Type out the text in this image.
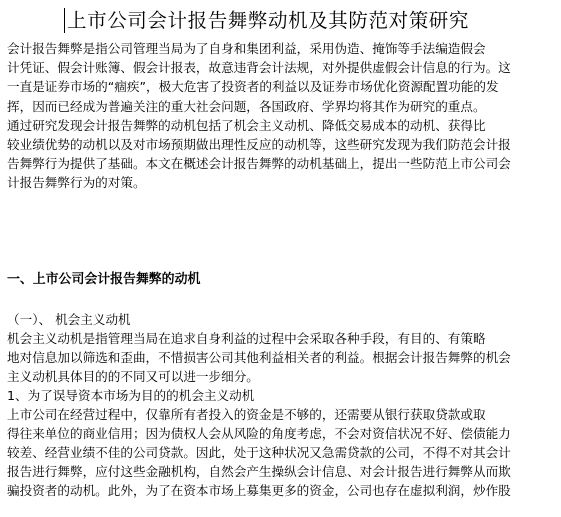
上市公司会计报告舞弊动机及其防范对策研究
会计报告舞弊是指公司管理当局为了自身和集团利益，采用伪造、掩饰等手法编造假会
计凭证、假会计账簿、假会计报表，故意违背会计法规，对外提供虚假会计信息的行为。这
一直是证券市场的“痼疾”，极大危害了投资者的利益以及证券市场优化资源配置功能的发
挥，因而已经成为普遍关注的重大社会问题，各国政府、学界均将其作为研究的重点。
通过研究发现会计报告舞弊的动机包括了机会主义动机、降低交易成本的动机、获得比
较业绩优势的动机以及对市场预期做出理性反应的动机等，这些研究发现为我们防范会计报
告舞弊行为提供了基础。本文在概述会计报告舞弊的动机基础上，提出一些防范上市公司会
计报告舞弊行为的对策。
一、上市公司会计报告舞弊的动机
（一）、 机会主义动机
机会主义动机是指管理当局在追求自身利益的过程中会采取各种手段，有目的、有策略
地对信息加以筛选和歪曲，不惜损害公司其他利益相关者的利益。根据会计报告舞弊的机会
主义动机具体目的的不同又可以进一步细分。
1、为了误导资本市场为目的的机会主义动机
上市公司在经营过程中，仅靠所有者投入的资金是不够的，还需要从银行获取贷款或取
得往来单位的商业信用；因为债权人会从风险的角度考虑，不会对资信状况不好、偿债能力
较差、经营业绩不佳的公司贷款。因此，处于这种状况又急需贷款的公司，不得不对其会计
报告进行舞弊，应付这些金融机构，自然会产生操纵会计信息、对会计报告进行舞弊从而欺
骗投资者的动机。此外，为了在资本市场上募集更多的资金，公司也存在虚拟利润，炒作股
